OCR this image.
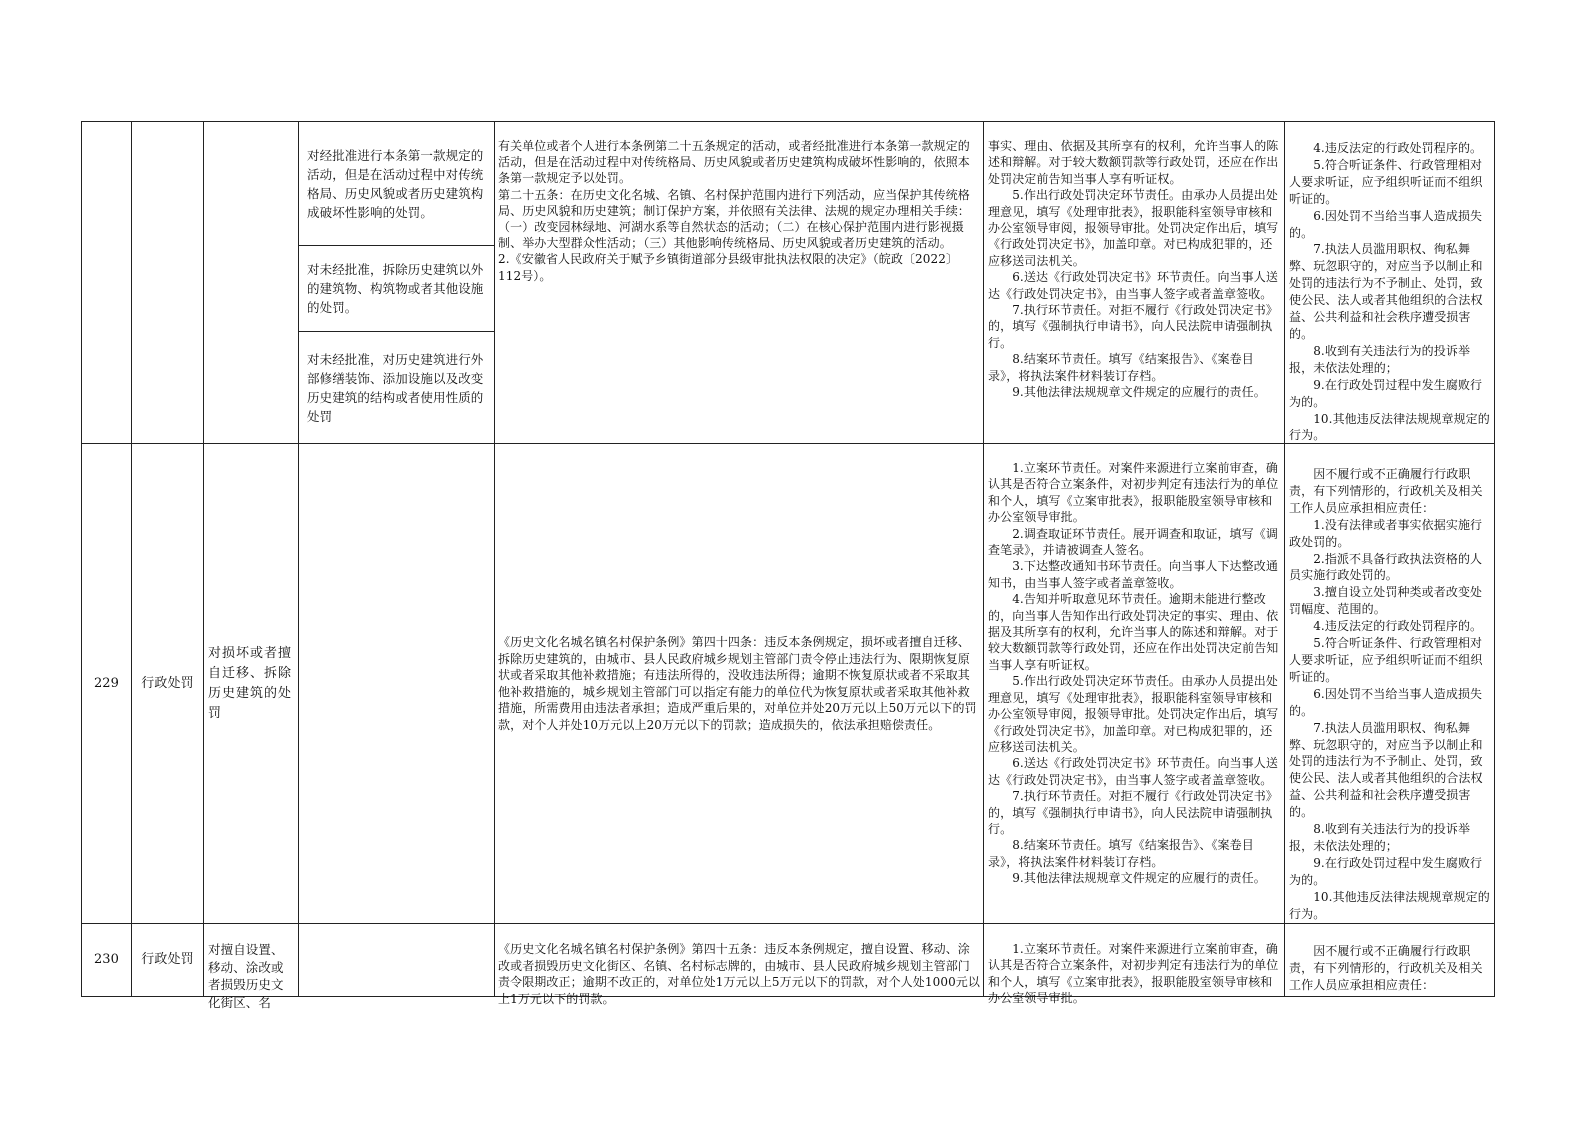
对经批准进行本条第一款规定的活动，但是在活动过程中对传统格局、历史风貌或者历史建筑构成破坏性影响的处罚。
对未经批准，拆除历史建筑以外的建筑物、构筑物或者其他设施的处罚。
对未经批准，对历史建筑进行外部修缮装饰、添加设施以及改变历史建筑的结构或者使用性质的处罚

有关单位或者个人进行本条例第二十五条规定的活动，或者经批准进行本条第一款规定的活动，但是在活动过程中对传统格局、历史风貌或者历史建筑构成破坏性影响的，依照本条第一款规定予以处罚。
第二十五条：在历史文化名城、名镇、名村保护范围内进行下列活动，应当保护其传统格局、历史风貌和历史建筑；制订保护方案，并依照有关法律、法规的规定办理相关手续：（一）改变园林绿地、河湖水系等自然状态的活动；（二）在核心保护范围内进行影视摄制、举办大型群众性活动；（三）其他影响传统格局、历史风貌或者历史建筑的活动。
2.《安徽省人民政府关于赋予乡镇街道部分县级审批执法权限的决定》（皖政〔2022〕112号）。

事实、理由、依据及其所享有的权利，允许当事人的陈述和辩解。对于较大数额罚款等行政处罚，还应在作出处罚决定前告知当事人享有听证权。
　　5.作出行政处罚决定环节责任。由承办人员提出处理意见，填写《处理审批表》，报职能科室领导审核和办公室领导审阅，报领导审批。处罚决定作出后，填写《行政处罚决定书》，加盖印章。对已构成犯罪的，还应移送司法机关。
　　6.送达《行政处罚决定书》环节责任。向当事人送达《行政处罚决定书》，由当事人签字或者盖章签收。
　　7.执行环节责任。对拒不履行《行政处罚决定书》的，填写《强制执行申请书》，向人民法院申请强制执行。
　　8.结案环节责任。填写《结案报告》、《案卷目录》，将执法案件材料装订存档。
　　9.其他法律法规规章文件规定的应履行的责任。

　　4.违反法定的行政处罚程序的。
　　5.符合听证条件、行政管理相对人要求听证，应予组织听证而不组织听证的。
　　6.因处罚不当给当事人造成损失的。
　　7.执法人员滥用职权、徇私舞弊、玩忽职守的，对应当予以制止和处罚的违法行为不予制止、处罚，致使公民、法人或者其他组织的合法权益、公共利益和社会秩序遭受损害的。
　　8.收到有关违法行为的投诉举报，未依法处理的；
　　9.在行政处罚过程中发生腐败行为的。
　　10.其他违反法律法规规章规定的行为。

229 行政处罚
对损坏或者擅自迁移、拆除历史建筑的处罚
《历史文化名城名镇名村保护条例》第四十四条：违反本条例规定，损坏或者擅自迁移、拆除历史建筑的，由城市、县人民政府城乡规划主管部门责令停止违法行为、限期恢复原状或者采取其他补救措施；有违法所得的，没收违法所得；逾期不恢复原状或者不采取其他补救措施的，城乡规划主管部门可以指定有能力的单位代为恢复原状或者采取其他补救措施，所需费用由违法者承担；造成严重后果的，对单位并处20万元以上50万元以下的罚款，对个人并处10万元以上20万元以下的罚款；造成损失的，依法承担赔偿责任。

　　1.立案环节责任。对案件来源进行立案前审查，确认其是否符合立案条件，对初步判定有违法行为的单位和个人，填写《立案审批表》，报职能股室领导审核和办公室领导审批。
　　2.调查取证环节责任。展开调查和取证，填写《调查笔录》，并请被调查人签名。
　　3.下达整改通知书环节责任。向当事人下达整改通知书，由当事人签字或者盖章签收。
　　4.告知并听取意见环节责任。逾期未能进行整改的，向当事人告知作出行政处罚决定的事实、理由、依据及其所享有的权利，允许当事人的陈述和辩解。对于较大数额罚款等行政处罚，还应在作出处罚决定前告知当事人享有听证权。
　　5.作出行政处罚决定环节责任。由承办人员提出处理意见，填写《处理审批表》，报职能科室领导审核和办公室领导审阅，报领导审批。处罚决定作出后，填写《行政处罚决定书》，加盖印章。对已构成犯罪的，还应移送司法机关。
　　6.送达《行政处罚决定书》环节责任。向当事人送达《行政处罚决定书》，由当事人签字或者盖章签收。
　　7.执行环节责任。对拒不履行《行政处罚决定书》的，填写《强制执行申请书》，向人民法院申请强制执行。
　　8.结案环节责任。填写《结案报告》、《案卷目录》，将执法案件材料装订存档。
　　9.其他法律法规规章文件规定的应履行的责任。

　　因不履行或不正确履行行政职责，有下列情形的，行政机关及相关工作人员应承担相应责任：
　　1.没有法律或者事实依据实施行政处罚的。
　　2.指派不具备行政执法资格的人员实施行政处罚的。
　　3.擅自设立处罚种类或者改变处罚幅度、范围的。
　　4.违反法定的行政处罚程序的。
　　5.符合听证条件、行政管理相对人要求听证，应予组织听证而不组织听证的。
　　6.因处罚不当给当事人造成损失的。
　　7.执法人员滥用职权、徇私舞弊、玩忽职守的，对应当予以制止和处罚的违法行为不予制止、处罚，致使公民、法人或者其他组织的合法权益、公共利益和社会秩序遭受损害的。
　　8.收到有关违法行为的投诉举报，未依法处理的；
　　9.在行政处罚过程中发生腐败行为的。
　　10.其他违反法律法规规章规定的行为。

230 行政处罚

对擅自设置、移动、涂改或者损毁历史文化街区、名

《历史文化名城名镇名村保护条例》第四十五条：违反本条例规定，擅自设置、移动、涂改或者损毁历史文化街区、名镇、名村标志牌的，由城市、县人民政府城乡规划主管部门责令限期改正；逾期不改正的，对单位处1万元以上5万元以下的罚款，对个人处1000元以上1万元以下的罚款。

　　1.立案环节责任。对案件来源进行立案前审查，确认其是否符合立案条件，对初步判定有违法行为的单位和个人，填写《立案审批表》，报职能股室领导审核和办公室领导审批。

　　因不履行或不正确履行行政职责，有下列情形的，行政机关及相关工作人员应承担相应责任：
